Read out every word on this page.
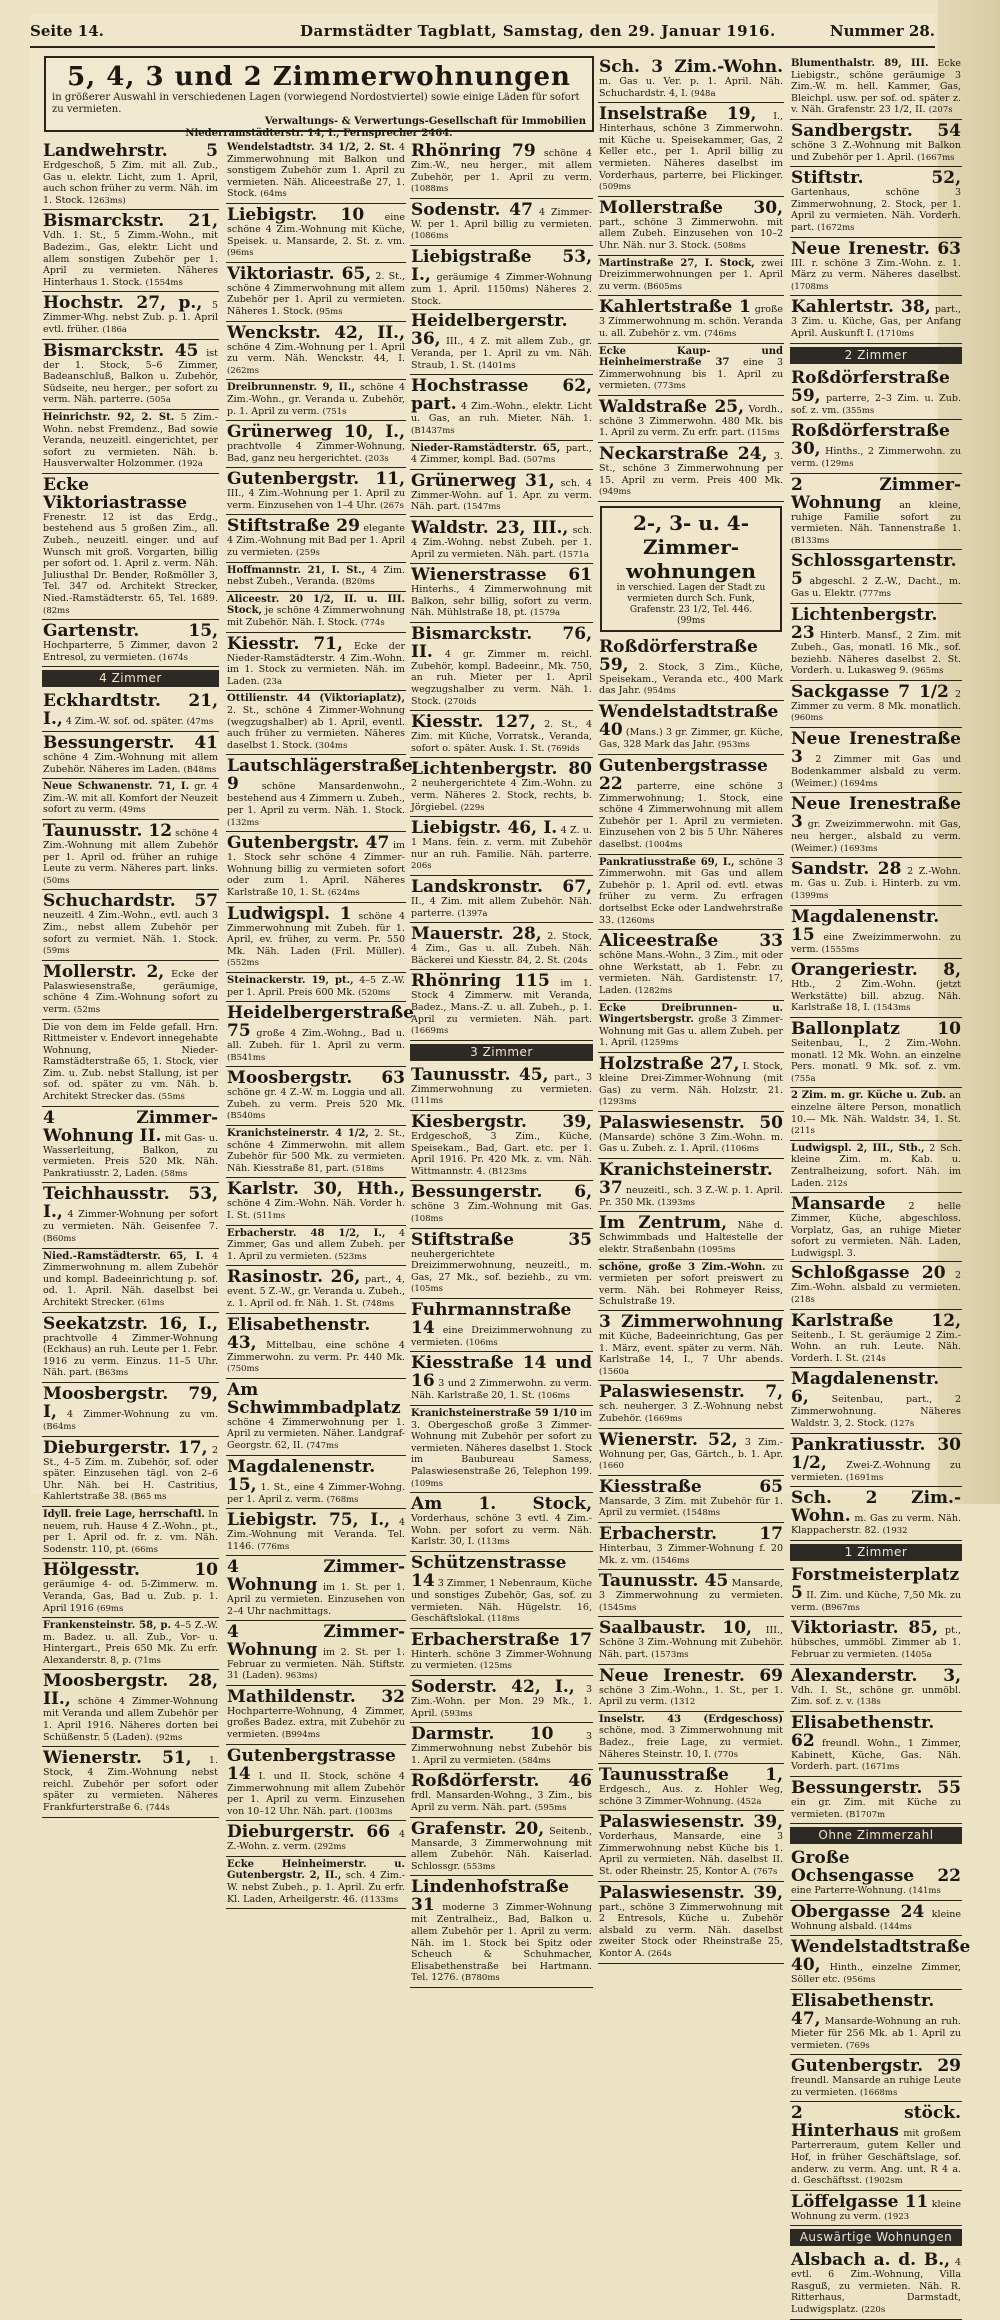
Seite 14.	Darmstädter Tagblatt, Samstag, den 29. Januar 1916.	Nummer 28.
5, 4, 3 und 2 Zimmerwohnungen
in größerer Auswahl in verschiedenen Lagen (vorwiegend Nordostviertel) sowie einige Läden für sofort zu vermieten.
Verwaltungs- & Verwertungs-Gesellschaft für Immobilien
Niederramstädterstr. 14, I., Fernsprecher 2464.
Landwehrstr. 5 Erdgeschoß, 5 Zim. mit all. Zub., Gas u. elektr. Licht, zum 1. April, auch schon früher zu verm. Näh. im 1. Stock. 1263ms)
Bismarckstr. 21, Vdh. 1. St., 5 Zimm.-Wohn., mit Badezim., Gas, elektr. Licht und allem sonstigen Zubehör per 1. April zu vermieten. Näheres Hinterhaus 1. Stock. (1554ms
Hochstr. 27, p., 5 Zimmer-Whg. nebst Zub. p. 1. April evtl. früher. (186a
Bismarckstr. 45 ist der 1. Stock, 5–6 Zimmer, Badeanschluß, Balkon u. Zubehör, Südseite, neu herger., per sofort zu verm. Näh. parterre. (505a
Heinrichstr. 92, 2. St. 5 Zim.-Wohn. nebst Fremdenz., Bad sowie Veranda, neuzeitl. eingerichtet, per sofort zu vermieten. Näh. b. Hausverwalter Holzommer. (192a
Ecke Viktoriastrasse Frenestr. 12 ist das Erdg., bestehend aus 5 großen Zim., all. Zubeh., neuzeitl. einger. und auf Wunsch mit groß. Vorgarten, billig per sofort od. 1. April z. verm. Näh. Juliusthal Dr. Bender, Roßmöller 3, Tel. 347 od. Architekt Strecker, Nied.-Ramstädterstr. 65, Tel. 1689. (82ms
Gartenstr. 15, Hochparterre, 5 Zimmer, davon 2 Entresol, zu vermieten. (1674s
4 Zimmer
Eckhardtstr. 21, I., 4 Zim.-W. sof. od. später. (47ms
Bessungerstr. 41 schöne 4 Zim.-Wohnung mit allem Zubehör. Näheres im Laden. (B48ms
Neue Schwanenstr. 71, I. gr. 4 Zim.-W. mit all. Komfort der Neuzeit sofort zu verm. (49ms
Taunusstr. 12 schöne 4 Zim.-Wohnung mit allem Zubehör per 1. April od. früher an ruhige Leute zu verm. Näheres part. links. (50ms
Schuchardstr. 57 neuzeitl. 4 Zim.-Wohn., evtl. auch 3 Zim., nebst allem Zubehör per sofort zu vermiet. Näh. 1. Stock. (59ms
Mollerstr. 2, Ecke der Palaswiesenstraße, geräumige, schöne 4 Zim.-Wohnung sofort zu verm. (52ms
Die von dem im Felde gefall. Hrn. Rittmeister v. Endevort innegehabte Wohnung, Nieder-Ramstädterstraße 65, 1. Stock, vier Zim. u. Zub. nebst Stallung, ist per sof. od. später zu vm. Näh. b. Architekt Strecker das. (55ms
4 Zimmer-Wohnung II. mit Gas- u. Wasserleitung, Balkon, zu vermieten. Preis 520 Mk. Näh. Pankratiusstr. 2, Laden. (58ms
Teichhausstr. 53, I., 4 Zimmer-Wohnung per sofort zu vermieten. Näh. Geisenfee 7. (B60ms
Nied.-Ramstädterstr. 65, I. 4 Zimmerwohnung m. allem Zubehör und kompl. Badeeinrichtung p. sof. od. 1. April. Näh. daselbst bei Architekt Strecker. (61ms
Seekatzstr. 16, I., prachtvolle 4 Zimmer-Wohnung (Eckhaus) an ruh. Leute per 1. Febr. 1916 zu verm. Einzus. 11–5 Uhr. Näh. part. (B63ms
Moosbergstr. 79, I, 4 Zimmer-Wohnung zu vm. (B64ms
Dieburgerstr. 17, 2 St., 4–5 Zim. m. Zubehör, sof. oder später. Einzusehen tägl. von 2–6 Uhr. Näh. bei H. Castritius, Kahlertstraße 38. (B65 ms
Idyll. freie Lage, herrschaftl. In neuem, ruh. Hause 4 Z.-Wohn., pt., per 1. April od. fr. z. vm. Näh. Sodenstr. 110, pt. (66ms
Hölgesstr. 10 geräumige 4- od. 5-Zimmerw. m. Veranda, Gas, Bad u. Zub. p. 1. April 1916 (69ms
Frankensteinstr. 58, p. 4–5 Z.-W. m. Badez. u. all. Zub., Vor- u. Hintergart., Preis 650 Mk. Zu erfr. Alexanderstr. 8, p. (71ms
Moosbergstr. 28, II., schöne 4 Zimmer-Wohnung mit Veranda und allem Zubehör per 1. April 1916. Näheres dorten bei Schüßenstr. 5 (Laden). (92ms
Wienerstr. 51, 1. Stock, 4 Zim.-Wohnung nebst reichl. Zubehör per sofort oder später zu vermieten. Näheres Frankfurterstraße 6. (744s
Wendelstadtstr. 34 1/2, 2. St. 4 Zimmerwohnung mit Balkon und sonstigem Zubehör zum 1. April zu vermieten. Näh. Aliceestraße 27, 1. Stock. (64ms
Liebigstr. 10 eine schöne 4 Zim.-Wohnung mit Küche, Speisek. u. Mansarde, 2. St. z. vm. (96ms
Viktoriastr. 65, 2. St., schöne 4 Zimmerwohnung mit allem Zubehör per 1. April zu vermieten. Näheres 1. Stock. (95ms
Wenckstr. 42, II., schöne 4 Zim.-Wohnung per 1. April zu verm. Näh. Wenckstr. 44, I. (262ms
Dreibrunnenstr. 9, II., schöne 4 Zim.-Wohn., gr. Veranda u. Zubehör, p. 1. April zu verm. (751s
Grünerweg 10, I., prachtvolle 4 Zimmer-Wohnung, Bad, ganz neu hergerichtet. (203s
Gutenbergstr. 11, III., 4 Zim.-Wohnung per 1. April zu verm. Einzusehen von 1–4 Uhr. (267s
Stiftstraße 29 elegante 4 Zim.-Wohnung mit Bad per 1. April zu vermieten. (259s
Hoffmannstr. 21, I. St., 4 Zim. nebst Zubeh., Veranda. (B20ms
Aliceestr. 20 1/2, II. u. III. Stock, je schöne 4 Zimmerwohnung mit Zubehör. Näh. I. Stock. (774s
Kiesstr. 71, Ecke der Nieder-Ramstädterstr. 4 Zim.-Wohn. im 1. Stock zu vermieten. Näh. im Laden. (23a
Ottilienstr. 44 (Viktoriaplatz), 2. St., schöne 4 Zimmer-Wohnung (wegzugshalber) ab 1. April, eventl. auch früher zu vermieten. Näheres daselbst 1. Stock. (304ms
Lautschlägerstraße 9 schöne Mansardenwohn., bestehend aus 4 Zimmern u. Zubeh., per 1. April zu verm. Näh. 1. Stock. (132ms
Gutenbergstr. 47 im 1. Stock sehr schöne 4 Zimmer-Wohnung billig zu vermieten sofort oder zum 1. April. Näheres Karlstraße 10, 1. St. (624ms
Ludwigspl. 1 schöne 4 Zimmerwohnung mit Zubeh. für 1. April, ev. früher, zu verm. Pr. 550 Mk. Näh. Laden (Fril. Müller). (552ms
Steinackerstr. 19, pt., 4–5 Z.-W. per 1. April. Preis 600 Mk. (520ms
Heidelbergerstraße 75 große 4 Zim.-Wohng., Bad u. all. Zubeh. für 1. April zu verm. (B541ms
Moosbergstr. 63 schöne gr. 4 Z.-W. m. Loggia und all. Zubeh. zu verm. Preis 520 Mk. (B540ms
Kranichsteinerstr. 4 1/2, 2. St., schöne 4 Zimmerwohn. mit allem Zubehör für 500 Mk. zu vermieten. Näh. Kiesstraße 81, part. (518ms
Karlstr. 30, Hth., schöne 4 Zim.-Wohn. Näh. Vorder h. I. St. (511ms
Erbacherstr. 48 1/2, I., 4 Zimmer, Gas und allem Zubeh. per 1. April zu vermieten. (523ms
Rasinostr. 26, part., 4, event. 5 Z.-W., gr. Veranda u. Zubeh., z. 1. April od. fr. Näh. 1. St. (748ms
Elisabethenstr. 43, Mittelbau, eine schöne 4 Zimmerwohn. zu verm. Pr. 440 Mk. (750ms
Am Schwimmbadplatz schöne 4 Zimmerwohnung per 1. April zu vermieten. Näher. Landgraf-Georgstr. 62, II. (747ms
Magdalenenstr. 15, 1. St., eine 4 Zimmer-Wohng. per 1. April z. verm. (768ms
Liebigstr. 75, I., 4 Zim.-Wohnung mit Veranda. Tel. 1146. (776ms
4 Zimmer-Wohnung im 1. St. per 1. April zu vermieten. Einzusehen von 2–4 Uhr nachmittags.
4 Zimmer-Wohnung im 2. St. per 1. Februar zu vermieten. Näh. Stiftstr. 31 (Laden). 963ms)
Mathildenstr. 32 Hochparterre-Wohnung, 4 Zimmer, großes Badez. extra, mit Zubehör zu vermieten. (B994ms
Gutenbergstrasse 14 I. und II. Stock, schöne 4 Zimmerwohnung mit allem Zubehör per 1. April zu verm. Einzusehen von 10–12 Uhr. Näh. part. (1003ms
Dieburgerstr. 66 4 Z.-Wohn. z. verm. (292ms
Ecke Heinheimerstr. u. Gutenbergstr. 2, II., sch. 4 Zim.-W. nebst Zubeh., p. 1. April. Zu erfr. Kl. Laden, Arheilgerstr. 46. (1133ms
Rhönring 79 schöne 4 Zim.-W., neu herger., mit allem Zubehör, per 1. April zu verm. (1088ms
Sodenstr. 47 4 Zimmer-W. per 1. April billig zu vermieten. (1086ms
Liebigstraße 53, I., geräumige 4 Zimmer-Wohnung zum 1. April. 1150ms) Näheres 2. Stock.
Heidelbergerstr. 36, III., 4 Z. mit allem Zub., gr. Veranda, per 1. April zu vm. Näh. Straub, 1. St. (1401ms
Hochstrasse 62, part. 4 Zim.-Wohn., elektr. Licht u. Gas, an ruh. Mieter. Näh. 1. (B1437ms
Nieder-Ramstädterstr. 65, part., 4 Zimmer, kompl. Bad. (507ms
Grünerweg 31, sch. 4 Zimmer-Wohn. auf 1. Apr. zu verm. Näh. part. (1547ms
Waldstr. 23, III., sch. 4 Zim.-Wohng. nebst Zubeh. per 1. April zu vermieten. Näh. part. (1571a
Wienerstrasse 61 Hinterhs., 4 Zimmerwohnung mit Balkon, sehr billig, sofort zu verm. Näh. Mühlstraße 18, pt. (1579a
Bismarckstr. 76, II. 4 gr. Zimmer m. reichl. Zubehör, kompl. Badeeinr., Mk. 750, an ruh. Mieter per 1. April wegzugshalber zu verm. Näh. 1. Stock. (270ids
Kiesstr. 127, 2. St., 4 Zim. mit Küche, Vorratsk., Veranda, sofort o. später. Ausk. 1. St. (769ids
Lichtenbergstr. 80 2 neuhergerichtete 4 Zim.-Wohn. zu verm. Näheres 2. Stock, rechts, b. Jörgiebel. (229s
Liebigstr. 46, I. 4 Z. u. 1 Mans. fein. z. verm. mit Zubehör nur an ruh. Familie. Näh. parterre. 206s
Landskronstr. 67, II., 4 Zim. mit allem Zubehör. Näh. parterre. (1397a
Mauerstr. 28, 2. Stock, 4 Zim., Gas u. all. Zubeh. Näh. Bäckerei und Kiesstr. 84, 2. St. (204s
Rhönring 115 im 1. Stock 4 Zimmerw. mit Veranda, Badez., Mans.-Z. u. all. Zubeh., p. 1. April zu vermieten. Näh. part. (1669ms
3 Zimmer
Taunusstr. 45, part., 3 Zimmerwohnung zu vermieten. (111ms
Kiesbergstr. 39, Erdgeschoß, 3 Zim., Küche, Speisekam., Bad, Gart. etc. per 1. April 1916. Pr. 420 Mk. z. vm. Näh. Wittmannstr. 4. (B123ms
Bessungerstr. 6, schöne 3 Zim.-Wohnung mit Gas. (108ms
Stiftstraße 35 neuhergerichtete Dreizimmerwohnung, neuzeitl., m. Gas, 27 Mk., sof. beziehb., zu vm. (105ms
Fuhrmannstraße 14 eine Dreizimmerwohnung zu vermieten. (106ms
Kiesstraße 14 und 16 3 und 2 Zimmerwohn. zu verm. Näh. Karlstraße 20, 1. St. (106ms
Kranichsteinerstraße 59 1/10 im 3. Obergeschoß große 3 Zimmer-Wohnung mit Zubehör per sofort zu vermieten. Näheres daselbst 1. Stock im Baubureau Samess, Palaswiesenstraße 26, Telephon 199. (109ms
Am 1. Stock, Vorderhaus, schöne 3 evtl. 4 Zim.-Wohn. per sofort zu verm. Näh. Karlstr. 30, I. (113ms
Schützenstrasse 14 3 Zimmer, 1 Nebenraum, Küche und sonstiges Zubehör, Gas, sof. zu vermieten. Näh. Hügelstr. 16, Geschäftslokal. (118ms
Erbacherstraße 17 Hinterh. schöne 3 Zimmer-Wohnung zu vermieten. (125ms
Soderstr. 42, I., 3 Zim.-Wohn. per Mon. 29 Mk., 1. April. (593ms
Darmstr. 10	3 Zimmerwohnung nebst Zubehör bis 1. April zu vermieten. (584ms
Roßdörferstr. 46 frdl. Mansarden-Wohng., 3 Zim., bis April zu verm. Näh. part. (595ms
Grafenstr. 20, Seitenb., Mansarde, 3 Zimmerwohnung mit allem Zubehör. Näh. Kaiserlad. Schlossgr. (553ms
Lindenhofstraße 31 moderne 3 Zimmer-Wohnung mit Zentralheiz., Bad, Balkon u. allem Zubehör per 1. April zu verm. Näh. im 1. Stock bei Spitz oder Scheuch & Schuhmacher, Elisabethenstraße bei Hartmann. Tel. 1276. (B780ms
Sch. 3 Zim.-Wohn. m. Gas u. Ver. p. 1. April. Näh. Schuchardstr. 4, I. (948a
Inselstraße 19, I., Hinterhaus, schöne 3 Zimmerwohn. mit Küche u. Speisekammer, Gas, 2 Keller etc., per 1. April billig zu vermieten. Näheres daselbst im Vorderhaus, parterre, bei Flickinger. (509ms
Mollerstraße 30, part., schöne 3 Zimmerwohn. mit allem Zubeh. Einzusehen von 10–2 Uhr. Näh. nur 3. Stock. (508ms
Martinstraße 27, I. Stock, zwei Dreizimmerwohnungen per 1. April zu verm. (B605ms
Kahlertstraße 1 große 3 Zimmerwohnung m. schön. Veranda u. all. Zubehör z. vm. (746ms
Ecke Kaup- und Heinheimerstraße 37 eine 3 Zimmerwohnung bis 1. April zu vermieten. (773ms
Waldstraße 25, Vordh., schöne 3 Zimmerwohn. 480 Mk. bis 1. April zu verm. Zu erfr. part. (115ms
Neckarstraße 24, 3. St., schöne 3 Zimmerwohnung per 15. April zu verm. Preis 400 Mk. (949ms
2-, 3- u. 4-Zimmer-wohnungen
in verschied. Lagen der Stadt zu vermieten durch Sch. Funk, Grafenstr. 23 1/2, Tel. 446.
(99ms
Roßdörferstraße 59, 2. Stock, 3 Zim., Küche, Speisekam., Veranda etc., 400 Mark das Jahr. (954ms
Wendelstadtstraße 40 (Mans.) 3 gr. Zimmer, gr. Küche, Gas, 328 Mark das Jahr. (953ms
Gutenbergstrasse 22 parterre, eine schöne 3 Zimmerwohnung; 1. Stock, eine schöne 4 Zimmerwohnung mit allem Zubehör per 1. April zu vermieten. Einzusehen von 2 bis 5 Uhr. Näheres daselbst. (1004ms
Pankratiusstraße 69, I., schöne 3 Zimmerwohn. mit Gas und allem Zubehör p. 1. April od. evtl. etwas früher zu verm. Zu erfragen dortselbst Ecke oder Landwehrstraße 33. (1260ms
Aliceestraße 33 schöne Mans.-Wohn., 3 Zim., mit oder ohne Werkstatt, ab 1. Febr. zu vermieten. Näh. Gardistenstr. 17, Laden. (1282ms
Ecke Dreibrunnen- u. Wingertsbergstr. große 3 Zimmer-Wohnung mit Gas u. allem Zubeh. per 1. April. (1259ms
Holzstraße 27, I. Stock, kleine Drei-Zimmer-Wohnung (mit Gas) zu verm. Näh. Holzstr. 21. (1293ms
Palaswiesenstr. 50 (Mansarde) schöne 3 Zim.-Wohn. m. Gas u. Zubeh. z. 1. April. (1106ms
Kranichsteinerstr. 37 neuzeitl., sch. 3 Z.-W. p. 1. April. Pr. 350 Mk. (1393ms
Im Zentrum, Nähe d. Schwimmbads und Haltestelle der elektr. Straßenbahn (1095ms
schöne, große 3 Zim.-Wohn. zu vermieten per sofort preiswert zu verm. Näh. bei Rohmeyer Reiss, Schulstraße 19.
3 Zimmerwohnung mit Küche, Badeeinrichtung, Gas per 1. März, event. später zu verm. Näh. Karlstraße 14, I., 7 Uhr abends. (1560a
Palaswiesenstr. 7, sch. neuherger. 3 Z.-Wohnung nebst Zubehör. (1669ms
Wienerstr. 52, 3 Zim.-Wohnung per, Gas, Gärtch., b. 1. Apr. (1660
Kiesstraße 65 Mansarde, 3 Zim. mit Zubehör für 1. April zu vermiet. (1548ms
Erbacherstr. 17 Hinterbau, 3 Zimmer-Wohnung f. 20 Mk. z. vm. (1546ms
Taunusstr. 45 Mansarde, 3 Zimmerwohnung zu vermieten. (1545ms
Saalbaustr. 10, III., Schöne 3 Zim.-Wohnung mit Zubehör. Näh. part. (1573ms
Neue Irenestr. 69 schöne 3 Zim.-Wohn., 1. St., per 1. April zu verm. (1312
Inselstr. 43 (Erdgeschoss) schöne, mod. 3 Zimmerwohnung mit Badez., freie Lage, zu vermiet. Näheres Steinstr. 10, I. (770s
Taunusstraße 1, Erdgesch., Aus. z. Hohler Weg, schöne 3 Zimmer-Wohnung. (452a
Palaswiesenstr. 39, Vorderhaus, Mansarde, eine 3 Zimmerwohnung nebst Küche bis 1. April zu vermieten. Näh. daselbst II. St. oder Rheinstr. 25, Kontor A. (767s
Palaswiesenstr. 39, part., schöne 3 Zimmerwohnung mit 2 Entresols, Küche u. Zubehör alsbald zu verm. Näh. daselbst zweiter Stock oder Rheinstraße 25, Kontor A. (264s
Blumenthalstr. 89, III. Ecke Liebigstr., schöne geräumige 3 Zim.-W. m. hell. Kammer, Gas, Bleichpl. usw. per sof. od. später z. v. Näh. Grafenstr. 23 1/2, II. (207s
Sandbergstr. 54 schöne 3 Z.-Wohnung mit Balkon und Zubehör per 1. April. (1667ms
Stiftstr. 52, Gartenhaus, schöne 3 Zimmerwohnung, 2. Stock, per 1. April zu vermieten. Näh. Vorderh. part. (1672ms
Neue Irenestr. 63 III. r. schöne 3 Zim.-Wohn. z. 1. März zu verm. Näheres daselbst. (1708ms
Kahlertstr. 38, part., 3 Zim. u. Küche, Gas, per Anfang April. Auskunft I. (1710ms
2 Zimmer
Roßdörferstraße 59, parterre, 2–3 Zim. u. Zub. sof. z. vm. (355ms
Roßdörferstraße 30, Hinths., 2 Zimmerwohn. zu verm. (129ms
2 Zimmer-Wohnung an kleine, ruhige Familie sofort zu vermieten. Näh. Tannenstraße 1. (B133ms
Schlossgartenstr. 5 abgeschl. 2 Z.-W., Dacht., m. Gas u. Elektr. (777ms
Lichtenbergstr. 23 Hinterb. Mansf., 2 Zim. mit Zubeh., Gas, monatl. 16 Mk., sof. beziehb. Näheres daselbst 2. St. Vorderh. u. Lukasweg 9. (965ms
Sackgasse 7 1/2 2 Zimmer zu verm. 8 Mk. monatlich. (960ms
Neue Irenestraße 3 2 Zimmer mit Gas und Bodenkammer alsbald zu verm. (Weimer.) (1694ms
Neue Irenestraße 3 gr. Zweizimmerwohn. mit Gas, neu herger., alsbald zu verm. (Weimer.) (1693ms
Sandstr. 28 2 Z.-Wohn. m. Gas u. Zub. i. Hinterb. zu vm. (1399ms
Magdalenenstr. 15 eine Zweizimmerwohn. zu verm. (1555ms
Orangeriestr. 8, Htb., 2 Zim.-Wohn. (jetzt Werkstätte) bill. abzug. Näh. Karlstraße 18, I. (1543ms
Ballonplatz 10 Seitenbau, I., 2 Zim.-Wohn. monatl. 12 Mk. Wohn. an einzelne Pers. monatl. 9 Mk. sof. z. vm. (755a
2 Zim. m. gr. Küche u. Zub. an einzelne ältere Person, monatlich 10.— Mk. Näh. Waldstr. 34, 1. St. (211s
Ludwigspl. 2, III., Stb., 2 Sch. kleine Zim. m. Kab. u. Zentralheizung, sofort. Näh. im Laden. 212s
Mansarde 2 helle Zimmer, Küche, abgeschloss. Vorplatz, Gas, an ruhige Mieter sofort zu vermieten. Näh. Laden, Ludwigspl. 3.
Schloßgasse 20 2 Zim.-Wohn. alsbald zu vermieten. (218s
Karlstraße 12, Seitenb., I. St. geräumige 2 Zim.-Wohn. an ruh. Leute. Näh. Vorderh. I. St. (214s
Magdalenenstr. 6, Seitenbau, part., 2 Zimmerwohnung. Näheres Waldstr. 3, 2. Stock. (127s
Pankratiusstr. 30 1/2, Zwei-Z.-Wohnung zu vermieten. (1691ms
Sch. 2 Zim.-Wohn. m. Gas zu verm. Näh. Klappacherstr. 82. (1932
1 Zimmer
Forstmeisterplatz 5 II. Zim. und Küche, 7,50 Mk. zu verm. (B967ms
Viktoriastr. 85, pt., hübsches, ummöbl. Zimmer ab 1. Februar zu vermieten. (1405a
Alexanderstr. 3, Vdh. I. St., schöne gr. unmöbl. Zim. sof. z. v. (138s
Elisabethenstr. 62 freundl. Wohn., 1 Zimmer, Kabinett, Küche, Gas. Näh. Vorderh. part. (1671ms
Bessungerstr. 55 ein gr. Zim. mit Küche zu vermieten. (B1707m
Ohne Zimmerzahl
Große Ochsengasse 22 eine Parterre-Wohnung. (141ms
Obergasse 24 kleine Wohnung alsbald. (144ms
Wendelstadtstraße 40, Hinth., einzelne Zimmer, Söller etc. (956ms
Elisabethenstr. 47, Mansarde-Wohnung an ruh. Mieter für 256 Mk. ab 1. April zu vermieten. (769s
Gutenbergstr. 29 freundl. Mansarde an ruhige Leute zu vermieten. (1668ms
2 stöck. Hinterhaus mit großem Parterreraum, gutem Keller und Hof, in früher Geschäftslage, sof. anderw. zu verm. Ang. unt. R 4 a. d. Geschäftsst. (1902sm
Löffelgasse 11 kleine Wohnung zu verm. (1923
Auswärtige Wohnungen
Alsbach a. d. B., 4 evtl. 6 Zim.-Wohnung, Villa Rasguß, zu vermieten. Näh. R. Ritterhaus, Darmstadt, Ludwigsplatz. (220s
